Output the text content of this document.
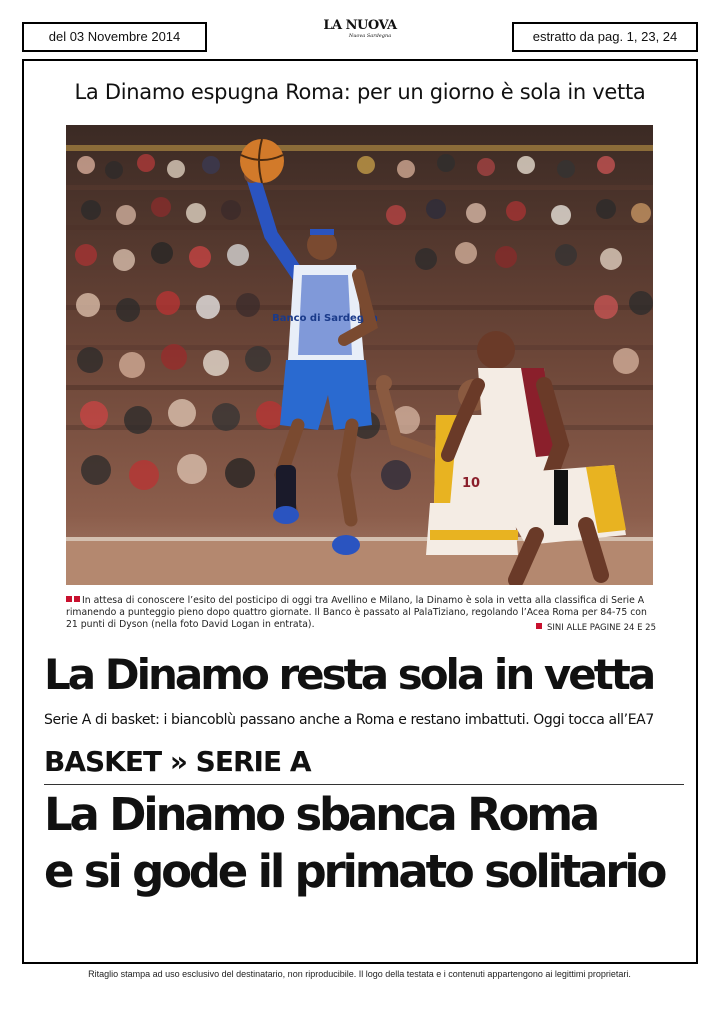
del 03 Novembre 2014
LA NUOVA
Nuova Sardegna	estratto da pag. 1, 23, 24
La Dinamo espugna Roma: per un giorno è sola in vetta
Banco di Sardegna
10

In attesa di conoscere l’esito del posticipo di oggi tra Avellino e Milano, la Dinamo è sola in vetta alla classifica di Serie A rimanendo a punteggio pieno dopo quattro giornate. Il Banco è passato al PalaTiziano, regolando l’Acea Roma per 84-75 con 21 punti di Dyson (nella foto David Logan in entrata).	SINI ALLE PAGINE 24 E 25
La Dinamo resta sola in vetta
Serie A di basket: i biancoblù passano anche a Roma e restano imbattuti. Oggi tocca all’EA7
BASKET » SERIE A
La Dinamo sbanca Roma
e si gode il primato solitario
Ritaglio stampa ad uso esclusivo del destinatario, non riproducibile. Il logo della testata e i contenuti appartengono ai legittimi proprietari.
